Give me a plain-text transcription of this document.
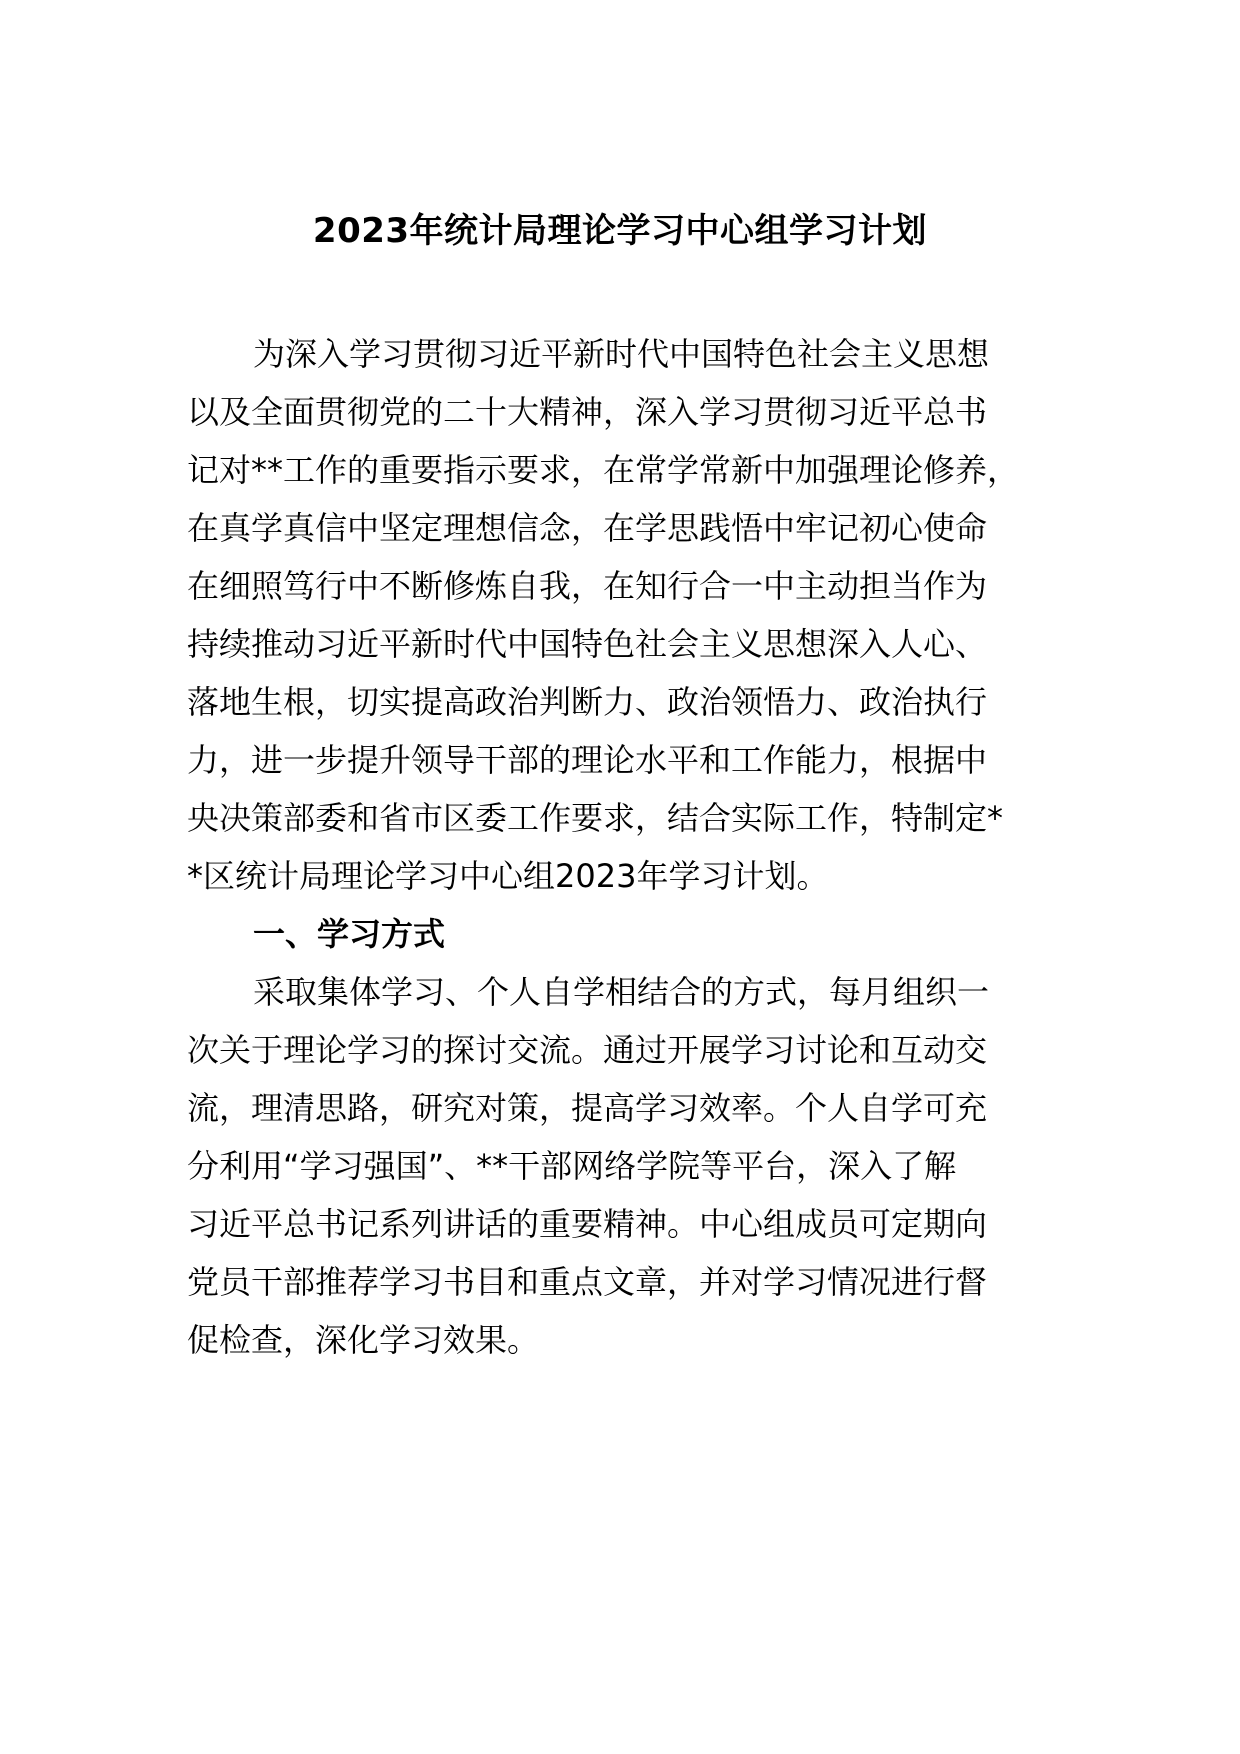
2023年统计局理论学习中心组学习计划
为深入学习贯彻习近平新时代中国特色社会主义思想
以及全面贯彻党的二十大精神，深入学习贯彻习近平总书
记对**工作的重要指示要求，在常学常新中加强理论修养，
在真学真信中坚定理想信念，在学思践悟中牢记初心使命
在细照笃行中不断修炼自我，在知行合一中主动担当作为
持续推动习近平新时代中国特色社会主义思想深入人心、
落地生根，切实提高政治判断力、政治领悟力、政治执行
力，进一步提升领导干部的理论水平和工作能力，根据中
央决策部委和省市区委工作要求，结合实际工作，特制定*
*区统计局理论学习中心组2023年学习计划。
一、学习方式
采取集体学习、个人自学相结合的方式，每月组织一
次关于理论学习的探讨交流。通过开展学习讨论和互动交
流，理清思路，研究对策，提高学习效率。个人自学可充
分利用“学习强国”、**干部网络学院等平台，深入了解
习近平总书记系列讲话的重要精神。中心组成员可定期向
党员干部推荐学习书目和重点文章，并对学习情况进行督
促检查，深化学习效果。
